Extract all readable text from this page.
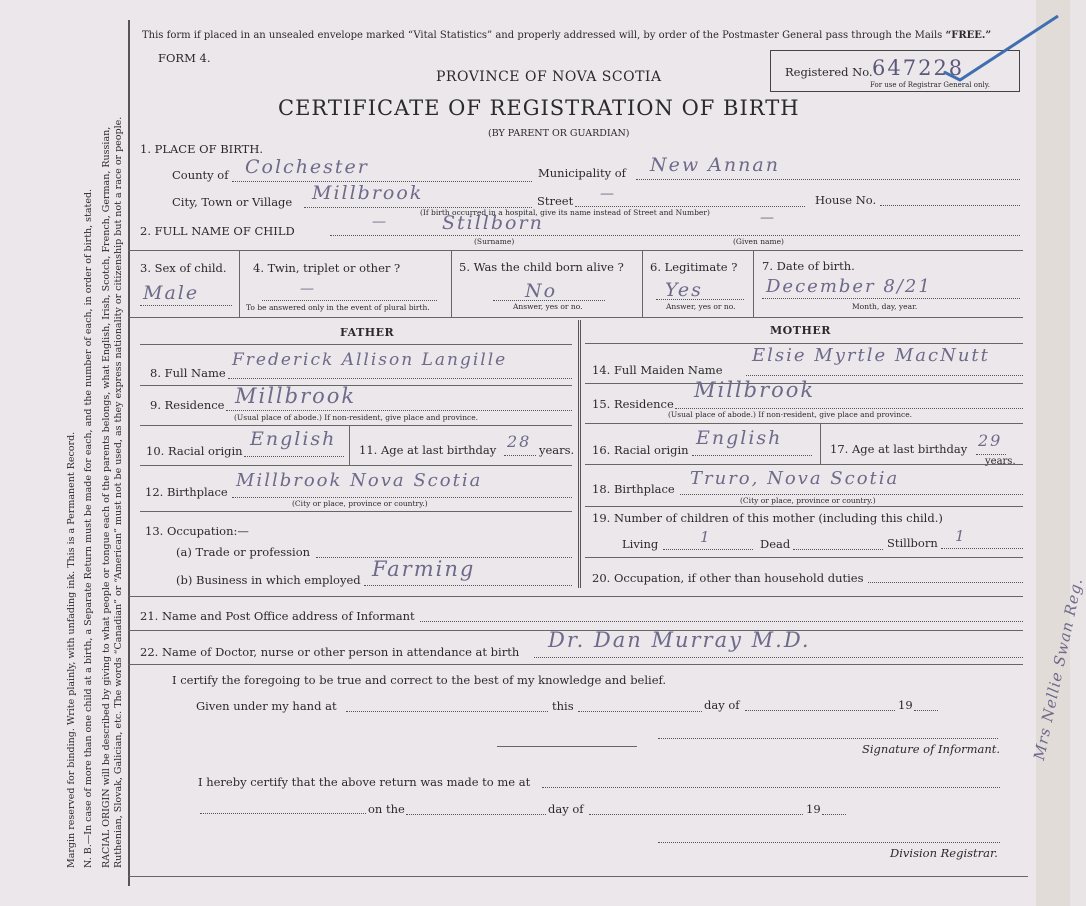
Margin reserved for binding. Write plainly, with unfading ink. This is a Permanent Record. N. B.—In case of more than one child at a birth, a Separate Return must be made for each, and the number of each, in order of birth, stated. RACIAL ORIGIN will be described by giving to what people or tongue each of the parents belongs, what English, Irish, Scotch, French, German, Russian, Ruthenian, Slovak, Galician, etc. The words “Canadian” or “American” must not be used, as they express nationality or citizenship but not a race or people.
This form if placed in an unsealed envelope marked “Vital Statistics” and properly addressed will, by order of the Postmaster General pass through the Mails “FREE.”
FORM 4.
Registered No. 647228
For use of Registrar General only.
PROVINCE OF NOVA SCOTIA
CERTIFICATE OF REGISTRATION OF BIRTH
(BY PARENT OR GUARDIAN)
1. PLACE OF BIRTH.
County of Colchester	Municipality of New Annan
City, Town or Village Millbrook	Street —	House No.
(If birth occurred in a hospital, give its name instead of Street and Number)
2. FULL NAME OF CHILD
—	Stillborn	—
(Surname)	(Given name)
3. Sex of child.
Male
4. Twin, triplet or other ?
—
To be answered only in the event of plural birth.
5. Was the child born alive ?
No
Answer, yes or no.
6. Legitimate ?
Yes
Answer, yes or no.
7. Date of birth.
December 8/21
Month, day, year.
FATHER	MOTHER
8. Full Name
Frederick Allison Langille
9. Residence Millbrook
(Usual place of abode.) If non-resident, give place and province.
10. Racial origin
English 11. Age at last birthday 28 years.
12. Birthplace
Millbrook Nova Scotia
(City or place, province or country.)
13. Occupation:—
(a) Trade or profession
(b) Business in which employed Farming
14. Full Maiden Name
Elsie Myrtle MacNutt
15. Residence
Millbrook
(Usual place of abode.) If non-resident, give place and province.
16. Racial origin
English	17. Age at last birthday 29
years.
18. Birthplace Truro, Nova Scotia
(City or place, province or country.)
19. Number of children of this mother (including this child.)
Living	1	Dead	Stillborn 1
20. Occupation, if other than household duties
21. Name and Post Office address of Informant
22. Name of Doctor, nurse or other person in attendance at birth Dr. Dan Murray M.D.
I certify the foregoing to be true and correct to the best of my knowledge and belief.
Given under my hand at	this	day of	19
Signature of Informant.
I hereby certify that the above return was made to me at
on the	day of	19
Division Registrar.
Mrs Nellie Swan Reg.
